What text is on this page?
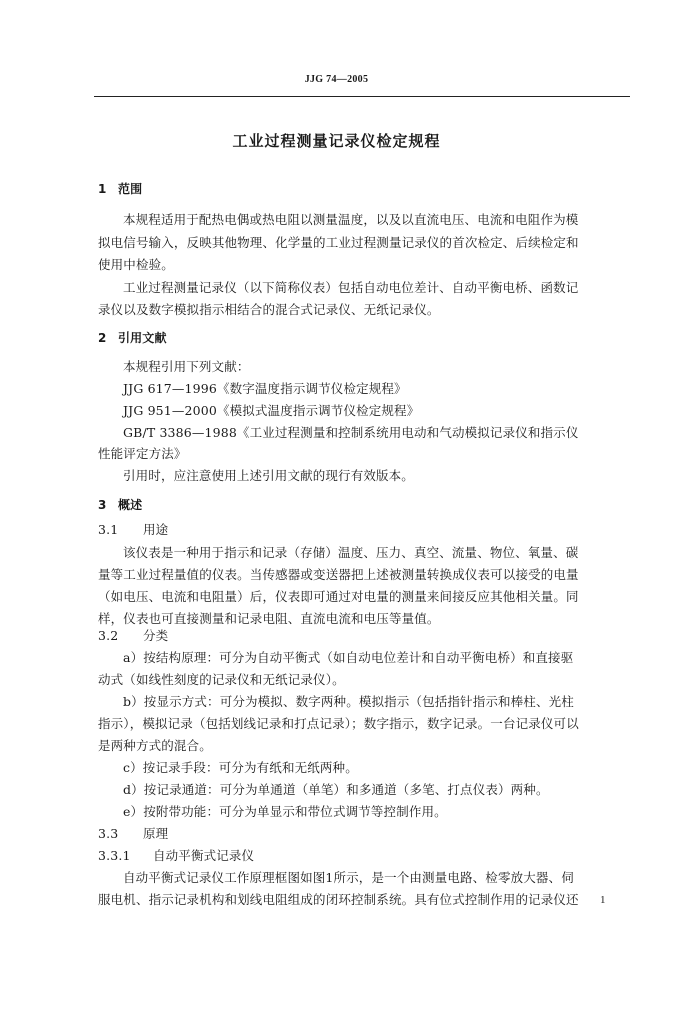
JJG 74—2005
工业过程测量记录仪检定规程
1 范围
本规程适用于配热电偶或热电阻以测量温度，以及以直流电压、电流和电阻作为模
拟电信号输入，反映其他物理、化学量的工业过程测量记录仪的首次检定、后续检定和
使用中检验。
工业过程测量记录仪（以下简称仪表）包括自动电位差计、自动平衡电桥、函数记
录仪以及数字模拟指示相结合的混合式记录仪、无纸记录仪。
2 引用文献
本规程引用下列文献：
JJG 617—1996《数字温度指示调节仪检定规程》
JJG 951—2000《模拟式温度指示调节仪检定规程》
GB/T 3386—1988《工业过程测量和控制系统用电动和气动模拟记录仪和指示仪
性能评定方法》
引用时，应注意使用上述引用文献的现行有效版本。
3 概述
3.1 用途
该仪表是一种用于指示和记录（存储）温度、压力、真空、流量、物位、氧量、碳
量等工业过程量值的仪表。当传感器或变送器把上述被测量转换成仪表可以接受的电量
（如电压、电流和电阻量）后，仪表即可通过对电量的测量来间接反应其他相关量。同
样，仪表也可直接测量和记录电阻、直流电流和电压等量值。
3.2 分类
a）按结构原理：可分为自动平衡式（如自动电位差计和自动平衡电桥）和直接驱
动式（如线性刻度的记录仪和无纸记录仪）。
b）按显示方式：可分为模拟、数字两种。模拟指示（包括指针指示和棒柱、光柱
指示），模拟记录（包括划线记录和打点记录）；数字指示，数字记录。一台记录仪可以
是两种方式的混合。
c）按记录手段：可分为有纸和无纸两种。
d）按记录通道：可分为单通道（单笔）和多通道（多笔、打点仪表）两种。
e）按附带功能：可分为单显示和带位式调节等控制作用。
3.3 原理
3.3.1 自动平衡式记录仪
自动平衡式记录仪工作原理框图如图1所示，是一个由测量电路、检零放大器、伺
服电机、指示记录机构和划线电阻组成的闭环控制系统。具有位式控制作用的记录仪还	1
